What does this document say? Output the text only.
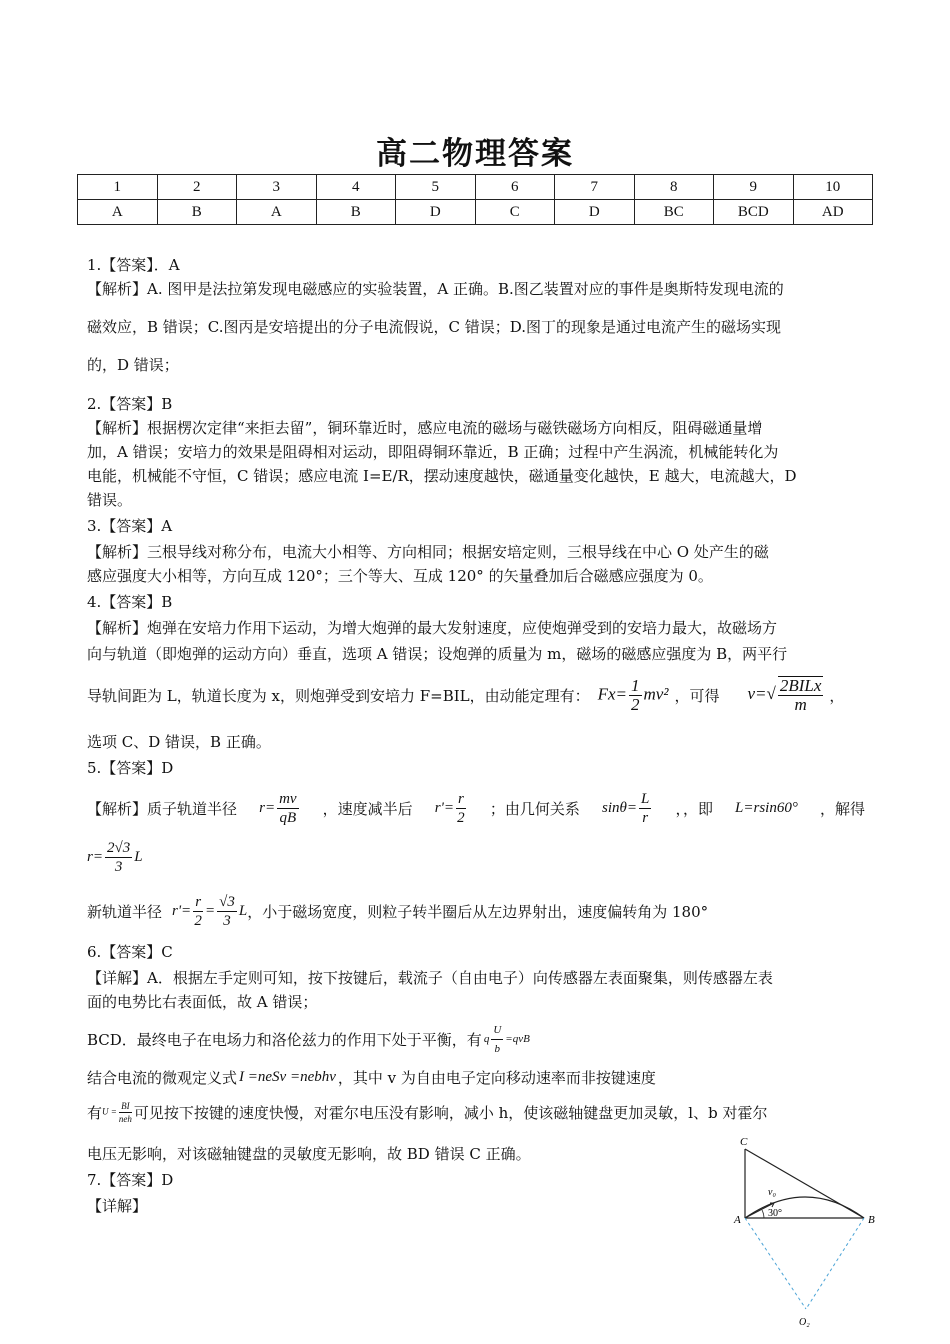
高二物理答案
1	2	3	4	5	6	7	8	9	10
A	B	A	B	D	C	D	BC	BCD	AD

1.【答案】．A

【解析】A. 图甲是法拉第发现电磁感应的实验装置，A 正确。B.图乙装置对应的事件是奥斯特发现电流的

磁效应，B 错误；C.图丙是安培提出的分子电流假说，C 错误；D.图丁的现象是通过电流产生的磁场实现

的，D 错误；

2.【答案】B

【解析】根据楞次定律“来拒去留”，铜环靠近时，感应电流的磁场与磁铁磁场方向相反，阻碍磁通量增

加，A 错误；安培力的效果是阻碍相对运动，即阻碍铜环靠近，B 正确；过程中产生涡流，机械能转化为

电能，机械能不守恒，C 错误；感应电流 I=E/R，摆动速度越快，磁通量变化越快，E 越大，电流越大，D

错误。

3.【答案】A

【解析】三根导线对称分布，电流大小相等、方向相同；根据安培定则，三根导线在中心 O 处产生的磁

感应强度大小相等，方向互成 120°；三个等大、互成 120° 的矢量叠加后合磁感应强度为 0。

4.【答案】B

【解析】炮弹在安培力作用下运动，为增大炮弹的最大发射速度，应使炮弹受到的安培力最大，故磁场方

向与轨道（即炮弹的运动方向）垂直，选项 A 错误；设炮弹的质量为 m，磁场的磁感应强度为 B，两平行

导轨间距为 L，轨道长度为 x，则炮弹受到安培力 F=BIL，由动能定理有： $Fx= \frac{1}{2} mv^2$ ，可得 $v=√ \frac{\text{2BILx}}{m}$ ，

选项 C、D 错误，B 正确。

5.【答案】D

【解析】质子轨道半径 $r= \frac{mv}{qB}$ ，速度减半后 $r'= \frac{r}{2}$ ；由几何关系 $\sin\theta= \frac{L}{r}$ ，，即 L=rsin60° ，解得
$r= \frac{2√3}{3}$ L
新轨道半径 $r'= \frac{r}{2} = \frac{√3}{3}$ L ，小于磁场宽度，则粒子转半圈后从左边界射出，速度偏转角为 180°

6.【答案】C

【详解】A．根据左手定则可知，按下按键后，载流子（自由电子）向传感器左表面聚集，则传感器左表

面的电势比右表面低，故 A 错误；

BCD．最终电子在电场力和洛伦兹力的作用下处于平衡，有 q $\frac{U}{b} =qvB$
结合电流的微观定义式 I =neSv =nebhv ，其中 v 为自由电子定向移动速率而非按键速度
有 $U = \frac{BI}{\text{neh}}$ 可见按下按键的速度快慢，对霍尔电压没有影响，减小 h，使该磁轴键盘更加灵敏，l、b 对霍尔

电压无影响，对该磁轴键盘的灵敏度无影响，故 BD 错误 C 正确。

7.【答案】D

【详解】

C
A	B
v₀
30°
O₂
